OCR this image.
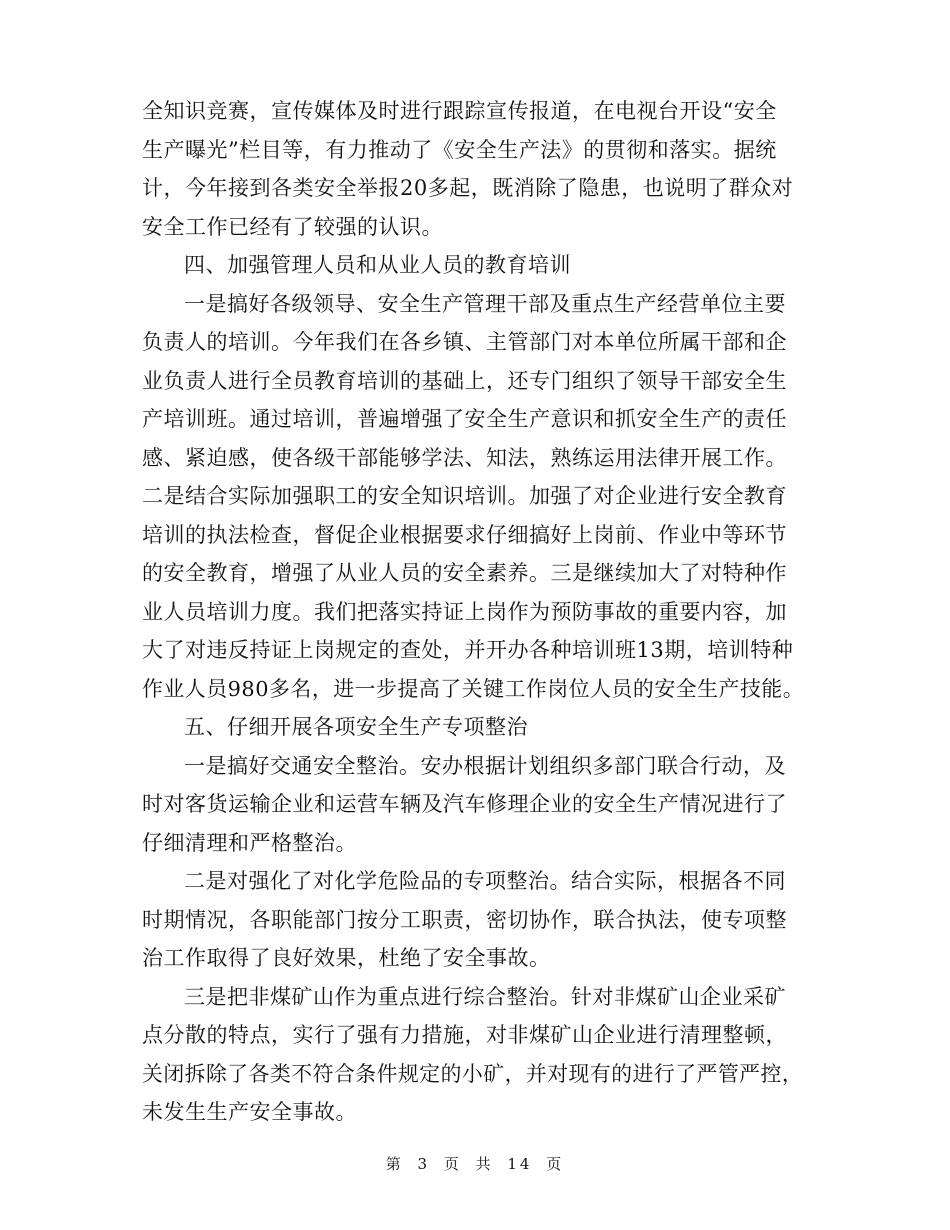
全知识竞赛，宣传媒体及时进行跟踪宣传报道，在电视台开设“安全
生产曝光”栏目等，有力推动了《安全生产法》的贯彻和落实。据统
计，今年接到各类安全举报20多起，既消除了隐患，也说明了群众对
安全工作已经有了较强的认识。
四、加强管理人员和从业人员的教育培训
一是搞好各级领导、安全生产管理干部及重点生产经营单位主要
负责人的培训。今年我们在各乡镇、主管部门对本单位所属干部和企
业负责人进行全员教育培训的基础上，还专门组织了领导干部安全生
产培训班。通过培训，普遍增强了安全生产意识和抓安全生产的责任
感、紧迫感，使各级干部能够学法、知法，熟练运用法律开展工作。
二是结合实际加强职工的安全知识培训。加强了对企业进行安全教育
培训的执法检查，督促企业根据要求仔细搞好上岗前、作业中等环节
的安全教育，增强了从业人员的安全素养。三是继续加大了对特种作
业人员培训力度。我们把落实持证上岗作为预防事故的重要内容，加
大了对违反持证上岗规定的查处，并开办各种培训班13期，培训特种
作业人员980多名，进一步提高了关键工作岗位人员的安全生产技能。
五、仔细开展各项安全生产专项整治
一是搞好交通安全整治。安办根据计划组织多部门联合行动，及
时对客货运输企业和运营车辆及汽车修理企业的安全生产情况进行了
仔细清理和严格整治。
二是对强化了对化学危险品的专项整治。结合实际，根据各不同
时期情况，各职能部门按分工职责，密切协作，联合执法，使专项整
治工作取得了良好效果，杜绝了安全事故。
三是把非煤矿山作为重点进行综合整治。针对非煤矿山企业采矿
点分散的特点，实行了强有力措施，对非煤矿山企业进行清理整顿，
关闭拆除了各类不符合条件规定的小矿，并对现有的进行了严管严控，
未发生生产安全事故。
第 3 页 共 14 页
